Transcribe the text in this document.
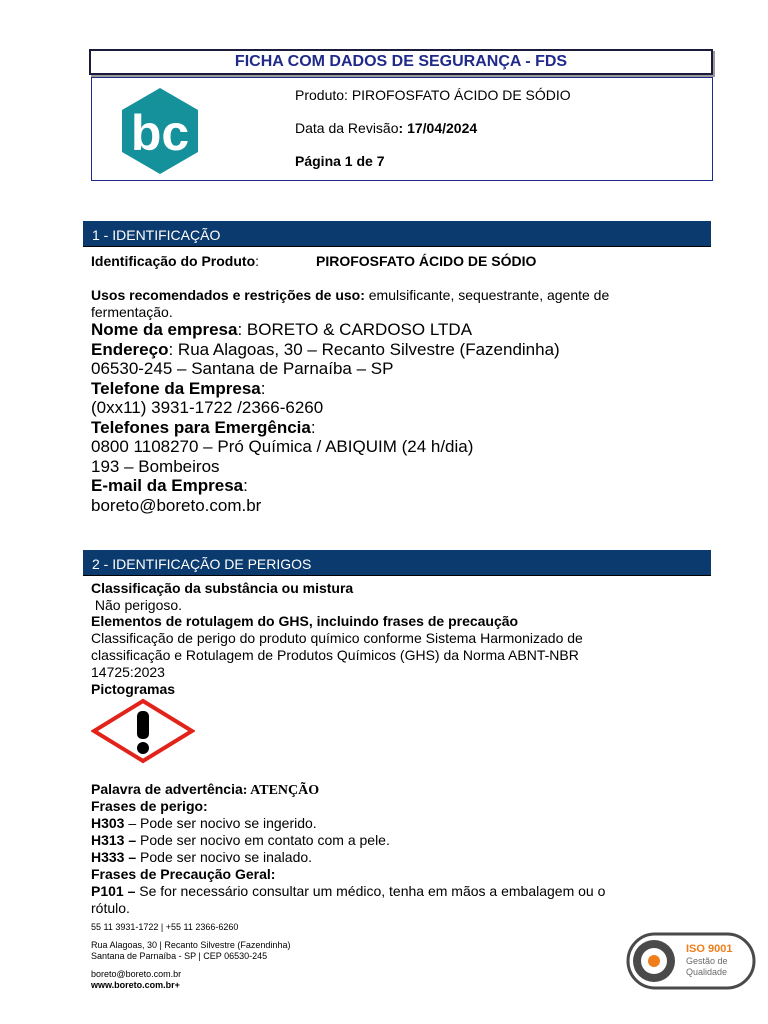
FICHA COM DADOS DE SEGURANÇA - FDS
bc
Produto: PIROFOSFATO ÁCIDO DE SÓDIO
Data da Revisão: 17/04/2024
Página 1 de 7
1 - IDENTIFICAÇÃO
Identificação do Produto:	PIROFOSFATO ÁCIDO DE SÓDIO
Usos recomendados e restrições de uso: emulsificante, sequestrante, agente de
fermentação.
Nome da empresa: BORETO & CARDOSO LTDA
Endereço: Rua Alagoas, 30 – Recanto Silvestre (Fazendinha)
06530-245 – Santana de Parnaíba – SP
Telefone da Empresa:
(0xx11) 3931-1722 /2366-6260
Telefones para Emergência:
0800 1108270 – Pró Química / ABIQUIM (24 h/dia)
193 – Bombeiros
E-mail da Empresa:
boreto@boreto.com.br
2 - IDENTIFICAÇÃO DE PERIGOS
Classificação da substância ou mistura
Não perigoso.
Elementos de rotulagem do GHS, incluindo frases de precaução
Classificação de perigo do produto químico conforme Sistema Harmonizado de
classificação e Rotulagem de Produtos Químicos (GHS) da Norma ABNT-NBR
14725:2023
Pictogramas
Palavra de advertência: ATENÇÃO
Frases de perigo:
H303 – Pode ser nocivo se ingerido.
H313 – Pode ser nocivo em contato com a pele.
H333 – Pode ser nocivo se inalado.
Frases de Precaução Geral:
P101 – Se for necessário consultar um médico, tenha em mãos a embalagem ou o
rótulo.
55 11 3931-1722 | +55 11 2366-6260
Rua Alagoas, 30 | Recanto Silvestre (Fazendinha)
Santana de Parnaíba - SP | CEP 06530-245
boreto@boreto.com.br
www.boreto.com.br+
ISO 9001
Gestão de
Qualidade
